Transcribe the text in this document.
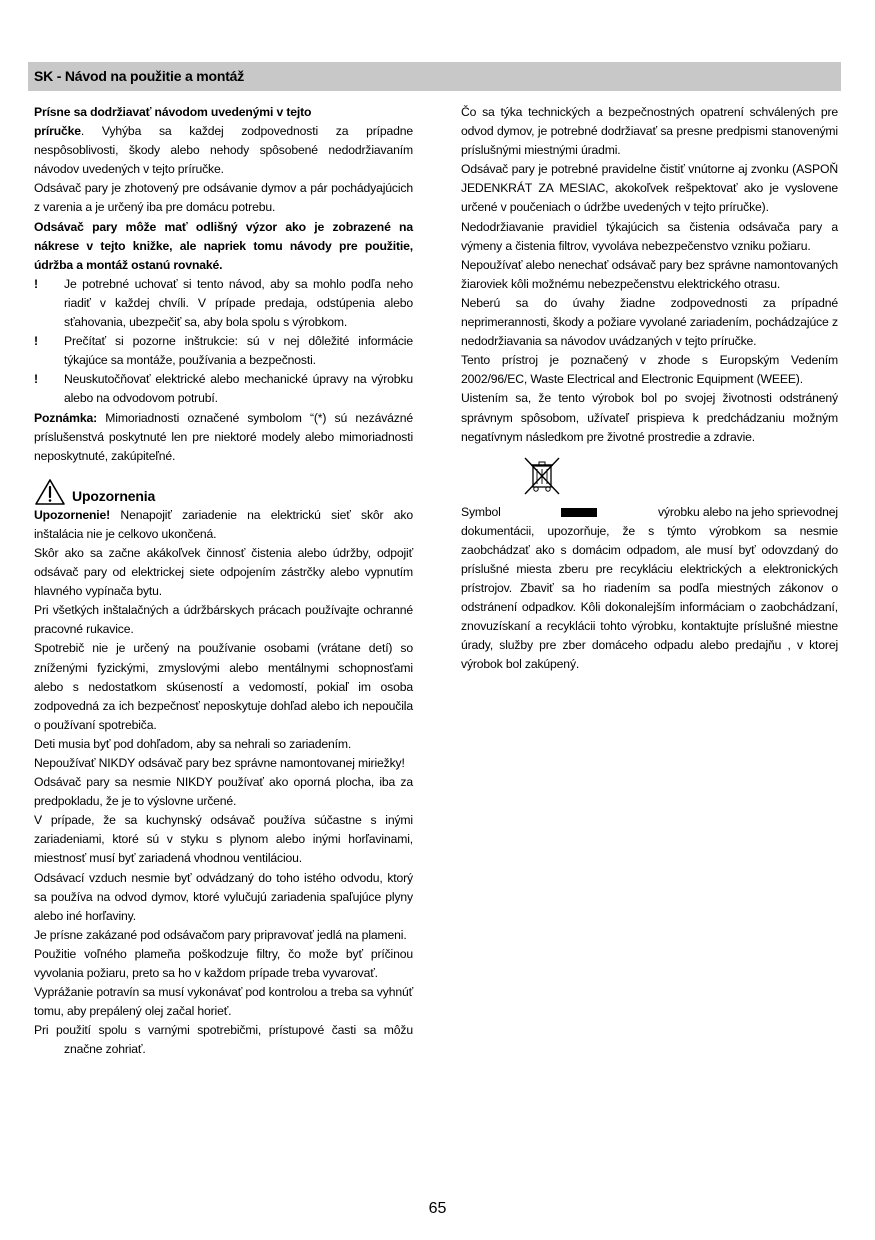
SK - Návod na použitie a montáž

Prísne sa dodržiavať návodom uvedenými v tejto
príručke. Vyhýba sa každej zodpovednosti za prípadne nespôsoblivosti, škody alebo nehody spôsobené nedodržiavaním návodov uvedených v tejto príručke.

Odsávač pary je zhotovený pre odsávanie dymov a pár pochádyajúcich z varenia a je určený iba pre domácu potrebu.

Odsávač pary môže mať odlišný výzor ako je zobrazené na nákrese v tejto knižke, ale napriek tomu návody pre použitie, údržba a montáž ostanú rovnaké.

!	Je potrebné uchovať si tento návod, aby sa mohlo podľa neho riadiť v každej chvíli. V prípade predaja, odstúpenia alebo sťahovania, ubezpečiť sa, aby bola spolu s výrobkom.
!	Prečítať si pozorne inštrukcie: sú v nej dôležité informácie týkajúce sa montáže, používania a bezpečnosti.
!	Neuskutočňovať elektrické alebo mechanické úpravy na výrobku alebo na odvodovom potrubí.

Poznámka: Mimoriadnosti označené symbolom “(*) sú nezávázné príslušenstvá poskytnuté len pre niektoré modely alebo mimoriadnosti neposkytnuté, zakúpiteľné.

Upozornenia

Upozornenie! Nenapojiť zariadenie na elektrickú sieť skôr ako inštalácia nie je celkovo ukončená.

Skôr ako sa začne akákoľvek činnosť čistenia alebo údržby, odpojiť odsávač pary od elektrickej siete odpojením zástrčky alebo vypnutím hlavného vypínača bytu.

Pri všetkých inštalačných a údržbárskych prácach používajte ochranné pracovné rukavice.

Spotrebič nie je určený na používanie osobami (vrátane detí) so zníženými fyzickými, zmyslovými alebo mentálnymi schopnosťami alebo s nedostatkom skúseností a vedomostí, pokiaľ im osoba zodpovedná za ich bezpečnosť neposkytuje dohľad alebo ich nepoučila o používaní spotrebiča.

Deti musia byť pod dohľadom, aby sa nehrali so zariadením.

Nepoužívať NIKDY odsávač pary bez správne namontovanej miriežky!

Odsávač pary sa nesmie NIKDY používať ako oporná plocha, iba za predpokladu, že je to výslovne určené.

V prípade, že sa kuchynský odsávač používa súčastne s inými zariadeniami, ktoré sú v styku s plynom alebo inými horľavinami, miestnosť musí byť zariadená vhodnou ventiláciou.

Odsávací vzduch nesmie byť odvádzaný do toho istého odvodu, ktorý sa používa na odvod dymov, ktoré vylučujú zariadenia spaľujúce plyny alebo iné horľaviny.

Je prísne zakázané pod odsávačom pary pripravovať jedlá na plameni.

Použitie voľného plameňa poškodzuje filtry, čo može byť príčinou vyvolania požiaru, preto sa ho v každom prípade treba vyvarovať.

Vyprážanie potravín sa musí vykonávať pod kontrolou a treba sa vyhnúť tomu, aby prepálený olej začal horieť.

Pri použití spolu s varnými spotrebičmi, prístupové časti sa môžu značne zohriať.

Čo sa týka technických a bezpečnostných opatrení schválených pre odvod dymov, je potrebné dodržiavať sa presne predpismi stanovenými príslušnými miestnými úradmi.

Odsávač pary je potrebné pravidelne čistiť vnútorne aj zvonku (ASPOŇ JEDENKRÁT ZA MESIAC, akokoľvek rešpektovať ako je vyslovene určené v poučeniach o údržbe uvedených v tejto príručke).

Nedodržiavanie pravidiel týkajúcich sa čistenia odsávača pary a výmeny a čistenia filtrov, vyvoláva nebezpečenstvo vzniku požiaru.

Nepoužívať alebo nenechať odsávač pary bez správne namontovaných žiaroviek kôli možnému nebezpečenstvu elektrického otrasu.

Neberú sa do úvahy žiadne zodpovednosti za prípadné neprimerannosti, škody a požiare vyvolané zariadením, pochádzajúce z nedodržiavania sa návodov uvádzaných v tejto príručke.

Tento prístroj je poznačený v zhode s Europským Vedením 2002/96/EC, Waste Electrical and Electronic Equipment (WEEE).

Uistením sa, že tento výrobok bol po svojej životnosti odstránený správnym spôsobom, užívateľ prispieva k predchádzaniu možným negatívnym následkom pre životné prostredie a zdravie.

Symbol	výrobku alebo na jeho sprievodnej

dokumentácii, upozorňuje, že s týmto výrobkom sa nesmie zaobchádzať ako s domácim odpadom, ale musí byť odovzdaný do príslušné miesta zberu pre recykláciu elektrických a elektronických prístrojov. Zbaviť sa ho riadením sa podľa miestných zákonov o odstránení odpadkov. Kôli dokonalejším informáciam o zaobchádzaní, znovuzískaní a recyklácii tohto výrobku, kontaktujte príslušné miestne úrady, služby pre zber domáceho odpadu alebo predajňu , v ktorej výrobok bol zakúpený.

65
